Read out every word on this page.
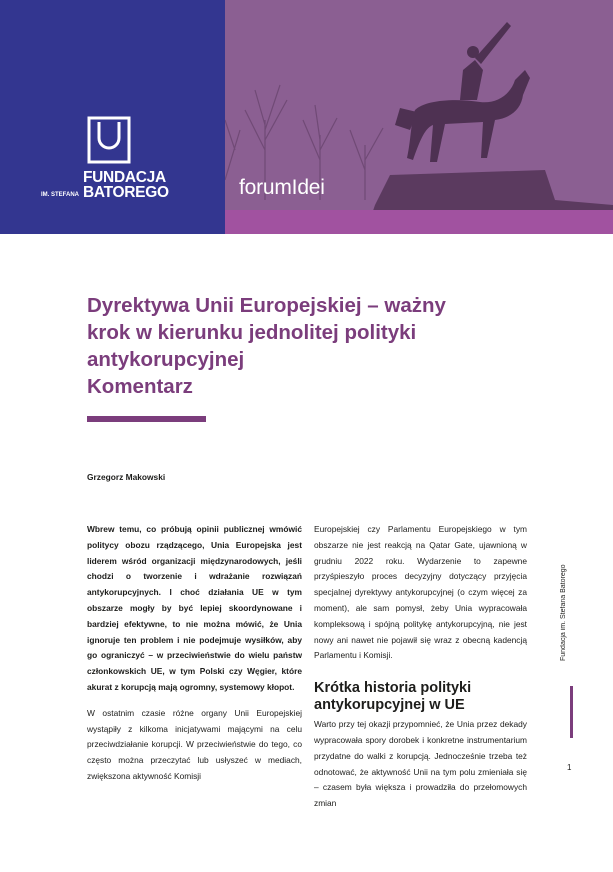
FUNDACJA
BATOREGO
IM. STEFANA	forumIdei
Dyrektywa Unii Europejskiej – ważny
krok w kierunku jednolitej polityki
antykorupcyjnej
Komentarz
Grzegorz Makowski

Wbrew temu, co próbują opinii publicznej wmówić politycy obozu rządzącego, Unia Europejska jest liderem wśród organizacji międzynarodowych, jeśli chodzi o tworzenie i wdrażanie rozwiązań antykorupcyjnych. I choć działania UE w tym obszarze mogły by być lepiej skoordynowane i bardziej efektywne, to nie można mówić, że Unia ignoruje ten problem i nie podejmuje wysiłków, aby go ograniczyć – w przeciwieństwie do wielu państw członkowskich UE, w tym Polski czy Węgier, które akurat z korupcją mają ogromny, systemowy kłopot.

W ostatnim czasie różne organy Unii Europejskiej wystąpiły z kilkoma inicjatywami mającymi na celu przeciwdziałanie korupcji. W przeciwieństwie do tego, co często można przeczytać lub usłyszeć w mediach, zwiększona aktywność Komisji

Europejskiej czy Parlamentu Europejskiego w tym obszarze nie jest reakcją na Qatar Gate, ujawnioną w grudniu 2022 roku. Wydarzenie to zapewne przyśpieszyło proces decyzyjny dotyczący przyjęcia specjalnej dyrektywy antykorupcyjnej (o czym więcej za moment), ale sam pomysł, żeby Unia wypracowała kompleksową i spójną politykę antykorupcyjną, nie jest nowy ani nawet nie pojawił się wraz z obecną kadencją Parlamentu i Komisji.

Krótka historia polityki antykorupcyjnej w UE

Warto przy tej okazji przypomnieć, że Unia przez dekady wypracowała spory dorobek i konkretne instrumentarium przydatne do walki z korupcją. Jednocześnie trzeba też odnotować, że aktywność Unii na tym polu zmieniała się – czasem była większa i prowadziła do przełomowych zmian

Fundacja im. Stefana Batorego
1
